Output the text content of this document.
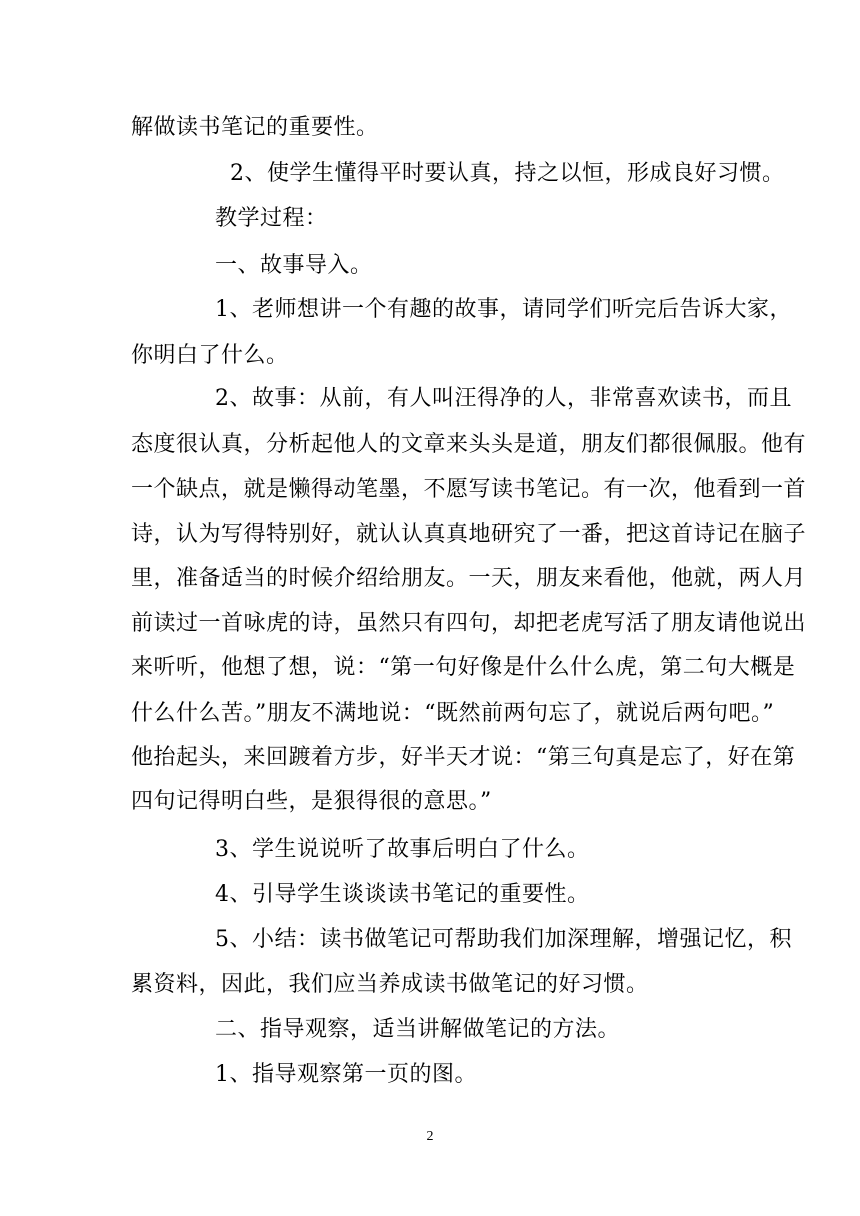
解做读书笔记的重要性。
2、使学生懂得平时要认真，持之以恒，形成良好习惯。
教学过程：
一、故事导入。
1、老师想讲一个有趣的故事，请同学们听完后告诉大家，
你明白了什么。
2、故事：从前，有人叫汪得净的人，非常喜欢读书，而且
态度很认真，分析起他人的文章来头头是道，朋友们都很佩服。他有
一个缺点，就是懒得动笔墨，不愿写读书笔记。有一次，他看到一首
诗，认为写得特别好，就认认真真地研究了一番，把这首诗记在脑子
里，准备适当的时候介绍给朋友。一天，朋友来看他，他就，两人月
前读过一首咏虎的诗，虽然只有四句，却把老虎写活了朋友请他说出
来听听，他想了想，说：“第一句好像是什么什么虎，第二句大概是
什么什么苦。”朋友不满地说：“既然前两句忘了，就说后两句吧。”
他抬起头，来回踱着方步，好半天才说：“第三句真是忘了，好在第
四句记得明白些，是狠得很的意思。”
3、学生说说听了故事后明白了什么。
4、引导学生谈谈读书笔记的重要性。
5、小结：读书做笔记可帮助我们加深理解，增强记忆，积
累资料，因此，我们应当养成读书做笔记的好习惯。
二、指导观察，适当讲解做笔记的方法。
1、指导观察第一页的图。
2
